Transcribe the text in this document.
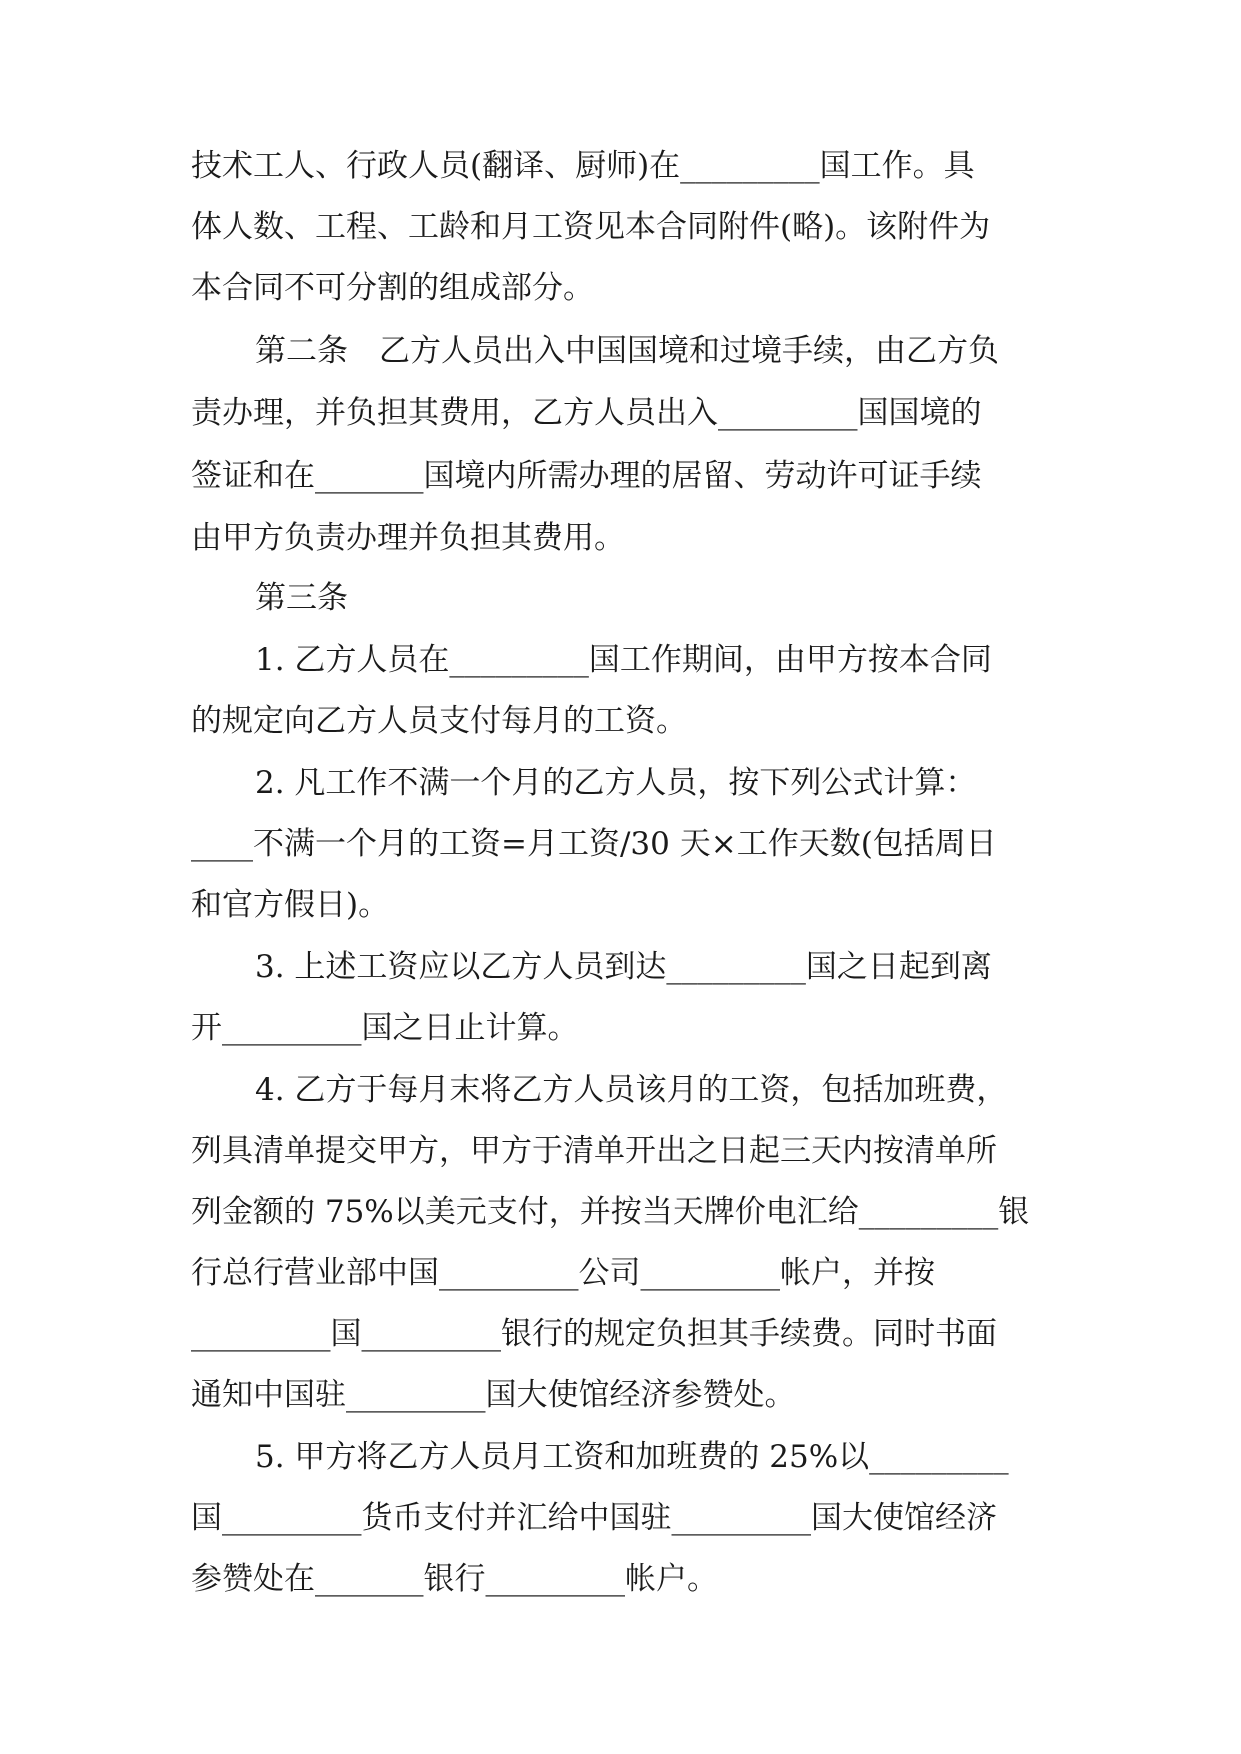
技术工人、行政人员(翻译、厨师)在_________国工作。具
体人数、工程、工龄和月工资见本合同附件(略)。该附件为
本合同不可分割的组成部分。
第二条　乙方人员出入中国国境和过境手续，由乙方负
责办理，并负担其费用，乙方人员出入_________国国境的
签证和在_______国境内所需办理的居留、劳动许可证手续
由甲方负责办理并负担其费用。
第三条
1. 乙方人员在_________国工作期间，由甲方按本合同
的规定向乙方人员支付每月的工资。
2. 凡工作不满一个月的乙方人员，按下列公式计算：
____不满一个月的工资=月工资/30 天×工作天数(包括周日
和官方假日)。
3. 上述工资应以乙方人员到达_________国之日起到离
开_________国之日止计算。
4. 乙方于每月末将乙方人员该月的工资，包括加班费，
列具清单提交甲方，甲方于清单开出之日起三天内按清单所
列金额的 75%以美元支付，并按当天牌价电汇给_________银
行总行营业部中国_________公司_________帐户，并按
_________国_________银行的规定负担其手续费。同时书面
通知中国驻_________国大使馆经济参赞处。
5. 甲方将乙方人员月工资和加班费的 25%以_________
国_________货币支付并汇给中国驻_________国大使馆经济
参赞处在_______银行_________帐户。
